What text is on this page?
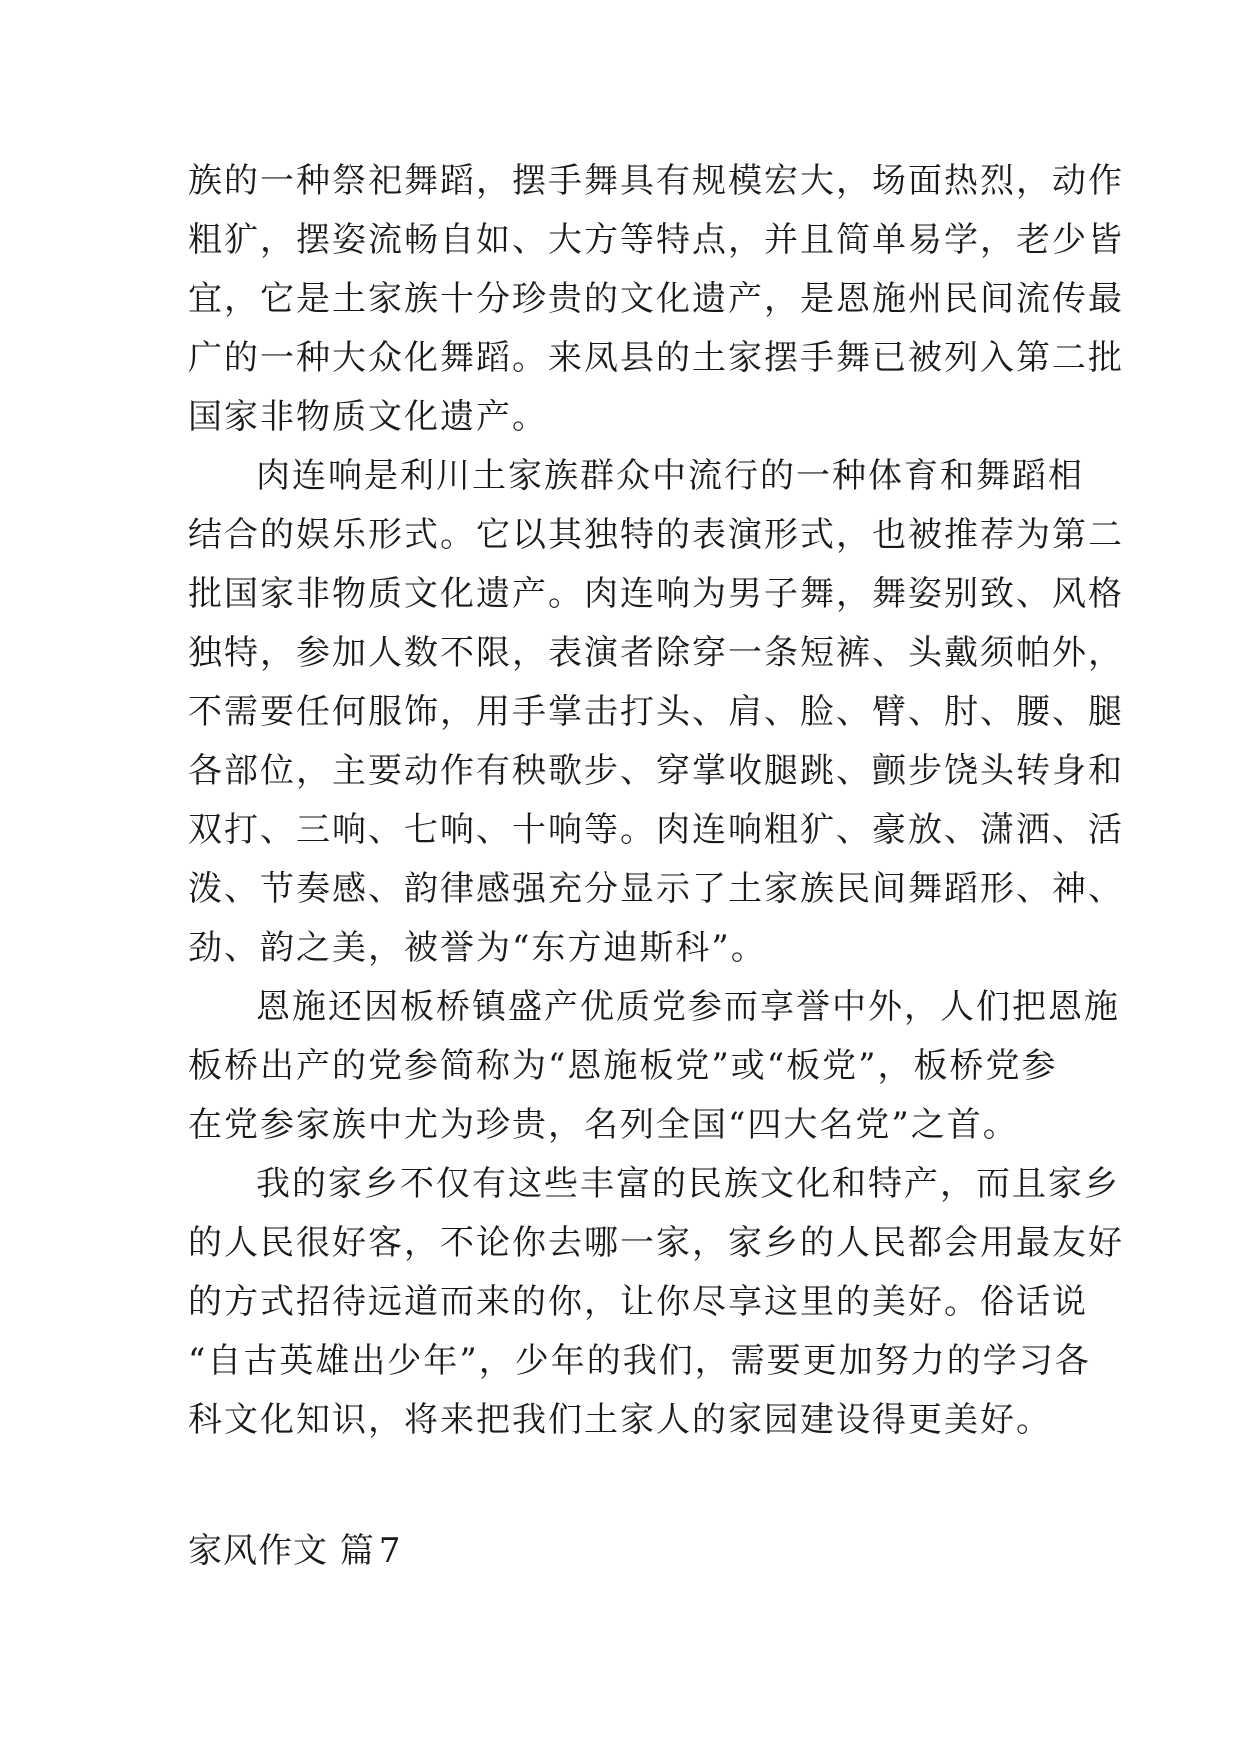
族的一种祭祀舞蹈，摆手舞具有规模宏大，场面热烈，动作
粗犷，摆姿流畅自如、大方等特点，并且简单易学，老少皆
宜，它是土家族十分珍贵的文化遗产，是恩施州民间流传最
广的一种大众化舞蹈。来凤县的土家摆手舞已被列入第二批
国家非物质文化遗产。
肉连响是利川土家族群众中流行的一种体育和舞蹈相
结合的娱乐形式。它以其独特的表演形式，也被推荐为第二
批国家非物质文化遗产。肉连响为男子舞，舞姿别致、风格
独特，参加人数不限，表演者除穿一条短裤、头戴须帕外，
不需要任何服饰，用手掌击打头、肩、脸、臂、肘、腰、腿
各部位，主要动作有秧歌步、穿掌收腿跳、颤步饶头转身和
双打、三响、七响、十响等。肉连响粗犷、豪放、潇洒、活
泼、节奏感、韵律感强充分显示了土家族民间舞蹈形、神、
劲、韵之美，被誉为“东方迪斯科”。
恩施还因板桥镇盛产优质党参而享誉中外，人们把恩施
板桥出产的党参简称为“恩施板党”或“板党”，板桥党参
在党参家族中尤为珍贵，名列全国“四大名党”之首。
我的家乡不仅有这些丰富的民族文化和特产，而且家乡
的人民很好客，不论你去哪一家，家乡的人民都会用最友好
的方式招待远道而来的你，让你尽享这里的美好。俗话说
“自古英雄出少年”，少年的我们，需要更加努力的学习各
科文化知识，将来把我们土家人的家园建设得更美好。
家风作文 篇 7
